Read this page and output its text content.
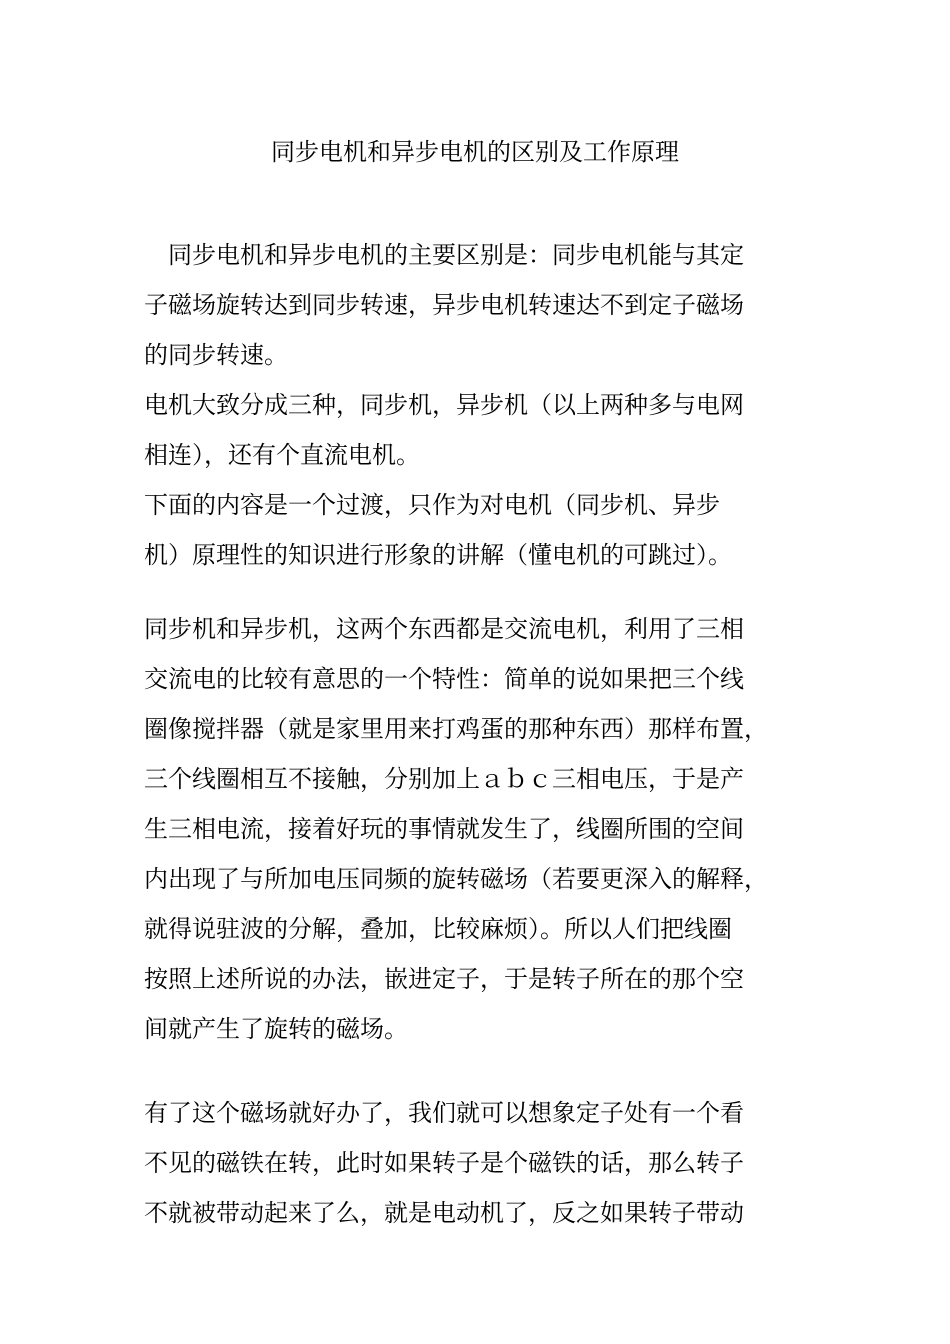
同步电机和异步电机的区别及工作原理
　同步电机和异步电机的主要区别是：同步电机能与其定
子磁场旋转达到同步转速，异步电机转速达不到定子磁场
的同步转速。
电机大致分成三种，同步机，异步机（以上两种多与电网
相连），还有个直流电机。
下面的内容是一个过渡，只作为对电机（同步机、异步
机）原理性的知识进行形象的讲解（懂电机的可跳过）。
同步机和异步机，这两个东西都是交流电机，利用了三相
交流电的比较有意思的一个特性：简单的说如果把三个线
圈像搅拌器（就是家里用来打鸡蛋的那种东西）那样布置，
三个线圈相互不接触，分别加上ａｂｃ三相电压，于是产
生三相电流，接着好玩的事情就发生了，线圈所围的空间
内出现了与所加电压同频的旋转磁场（若要更深入的解释，
就得说驻波的分解，叠加，比较麻烦）。所以人们把线圈
按照上述所说的办法，嵌进定子，于是转子所在的那个空
间就产生了旋转的磁场。
有了这个磁场就好办了，我们就可以想象定子处有一个看
不见的磁铁在转，此时如果转子是个磁铁的话，那么转子
不就被带动起来了么，就是电动机了，反之如果转子带动
